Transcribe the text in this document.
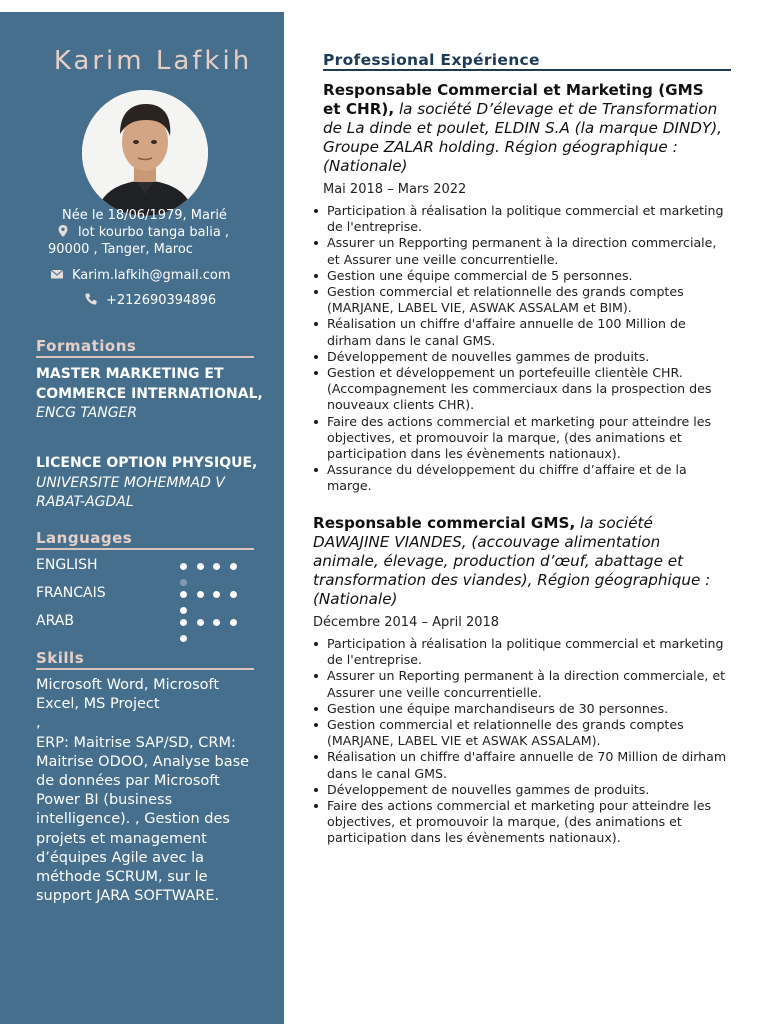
Karim Lafkih
Née le 18/06/1979, Marié
lot kourbo tanga balia ,
90000 , Tanger, Maroc
Karim.lafkih@gmail.com
+212690394896
Formations
MASTER MARKETING ET COMMERCE INTERNATIONAL,
ENCG TANGER
LICENCE OPTION PHYSIQUE, UNIVERSITE MOHEMMAD V RABAT-AGDAL
Languages
ENGLISH
FRANCAIS
ARAB
Skills
Microsoft Word, Microsoft Excel, MS Project
,
ERP: Maitrise SAP/SD, CRM: Maitrise ODOO, Analyse base de données par Microsoft Power BI (business intelligence). , Gestion des projets et management d’équipes Agile avec la méthode SCRUM, sur le support JARA SOFTWARE.
Professional Expérience
Responsable Commercial et Marketing (GMS et CHR), la société D’élevage et de Transformation de La dinde et poulet, ELDIN S.A (la marque DINDY), Groupe ZALAR holding. Région géographique : (Nationale)
Mai 2018 – Mars 2022
Participation à réalisation la politique commercial et marketing de l'entreprise.
Assurer un Repporting permanent à la direction commerciale, et Assurer une veille concurrentielle.
Gestion une équipe commercial de 5 personnes.
Gestion commercial et relationnelle des grands comptes (MARJANE, LABEL VIE, ASWAK ASSALAM et BIM).
Réalisation un chiffre d'affaire annuelle de 100 Million de dirham dans le canal GMS.
Développement de nouvelles gammes de produits.
Gestion et développement un portefeuille clientèle CHR. (Accompagnement les commerciaux dans la prospection des nouveaux clients CHR).
Faire des actions commercial et marketing pour atteindre les objectives, et promouvoir la marque, (des animations et participation dans les évènements nationaux).
Assurance du développement du chiffre d’affaire et de la marge.
Responsable commercial GMS, la société DAWAJINE VIANDES, (accouvage alimentation animale, élevage, production d’œuf, abattage et transformation des viandes), Région géographique : (Nationale)
Décembre 2014 – April 2018
Participation à réalisation la politique commercial et marketing de l'entreprise.
Assurer un Reporting permanent à la direction commerciale, et Assurer une veille concurrentielle.
Gestion une équipe marchandiseurs de 30 personnes.
Gestion commercial et relationnelle des grands comptes (MARJANE, LABEL VIE et ASWAK ASSALAM).
Réalisation un chiffre d'affaire annuelle de 70 Million de dirham dans le canal GMS.
Développement de nouvelles gammes de produits.
Faire des actions commercial et marketing pour atteindre les objectives, et promouvoir la marque, (des animations et participation dans les évènements nationaux).
